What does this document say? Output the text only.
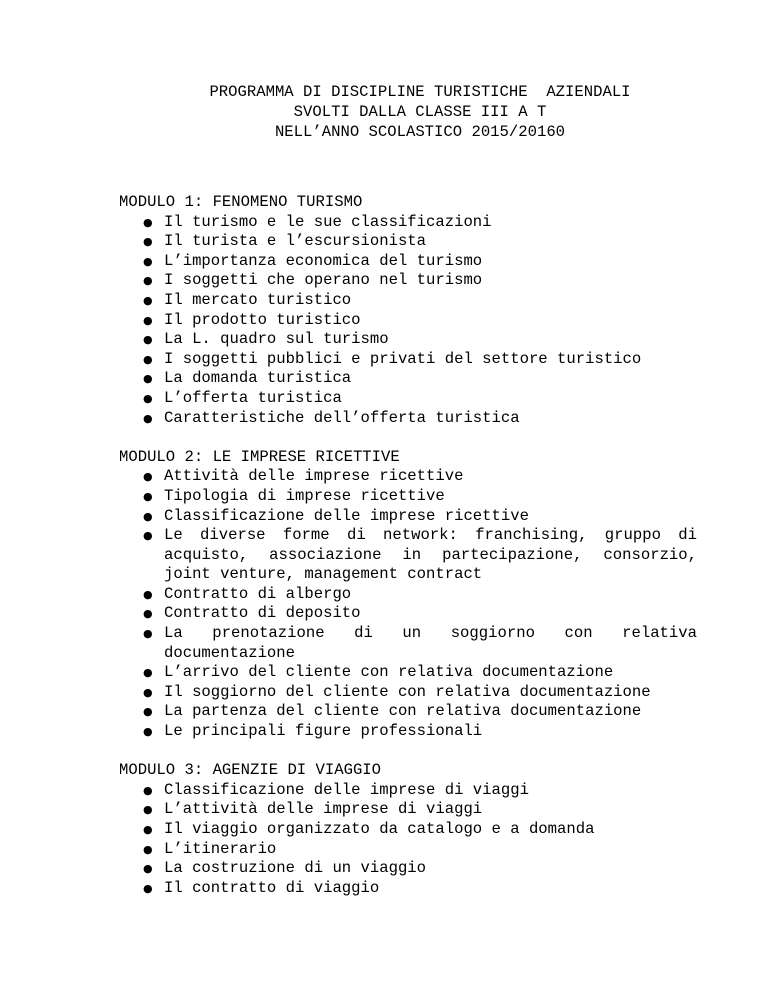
PROGRAMMA DI DISCIPLINE TURISTICHE  AZIENDALI
SVOLTI DALLA CLASSE III A T
NELL’ANNO SCOLASTICO 2015/20160
MODULO 1: FENOMENO TURISMO
● Il turismo e le sue classificazioni
● Il turista e l’escursionista
● L’importanza economica del turismo
● I soggetti che operano nel turismo
● Il mercato turistico
● Il prodotto turistico
● La L. quadro sul turismo
● I soggetti pubblici e privati del settore turistico
● La domanda turistica
● L’offerta turistica
● Caratteristiche dell’offerta turistica
MODULO 2: LE IMPRESE RICETTIVE
● Attività delle imprese ricettive
● Tipologia di imprese ricettive
● Classificazione delle imprese ricettive
● Le diverse forme di network: franchising, gruppo di acquisto, associazione in partecipazione, consorzio, joint venture, management contract
● Contratto di albergo
● Contratto di deposito
● La prenotazione di un soggiorno con relativa documentazione
● L’arrivo del cliente con relativa documentazione
● Il soggiorno del cliente con relativa documentazione
● La partenza del cliente con relativa documentazione
● Le principali figure professionali
MODULO 3: AGENZIE DI VIAGGIO
● Classificazione delle imprese di viaggi
● L’attività delle imprese di viaggi
● Il viaggio organizzato da catalogo e a domanda
● L’itinerario
● La costruzione di un viaggio
● Il contratto di viaggio
